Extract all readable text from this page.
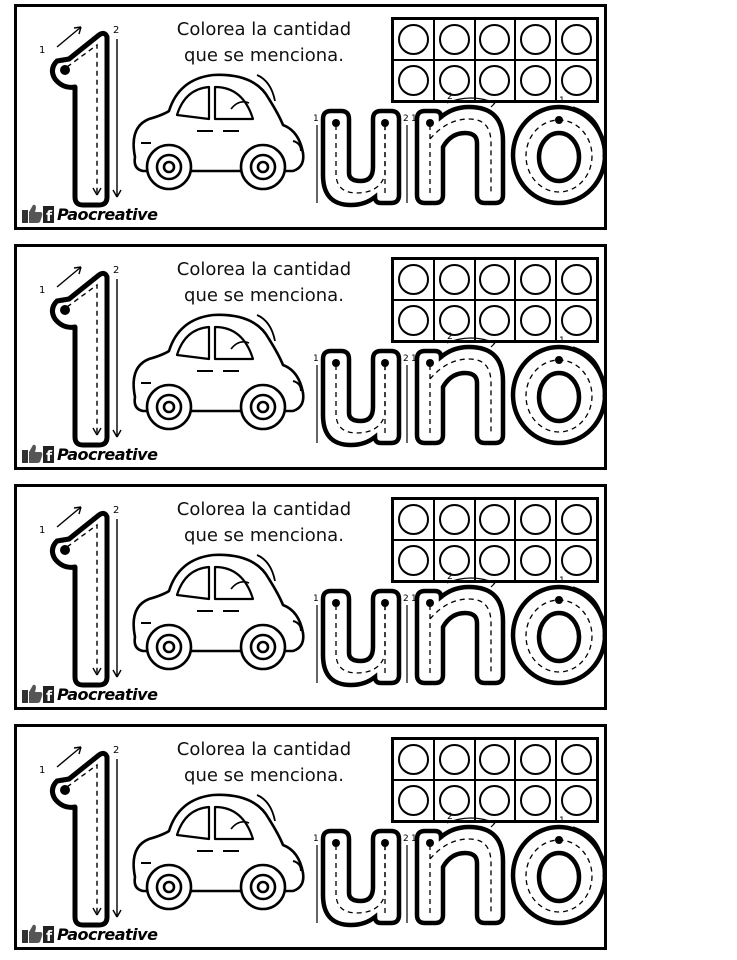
1
2
1	2 1
2	1
Colorea la cantidad
que se menciona.
f Paocreative
1
2
1	2 1
2	1
Colorea la cantidad
que se menciona.
f Paocreative
1
2
1	2 1
2	1
Colorea la cantidad
que se menciona.
f Paocreative
1
2
1	2 1
2	1
Colorea la cantidad
que se menciona.
f Paocreative
